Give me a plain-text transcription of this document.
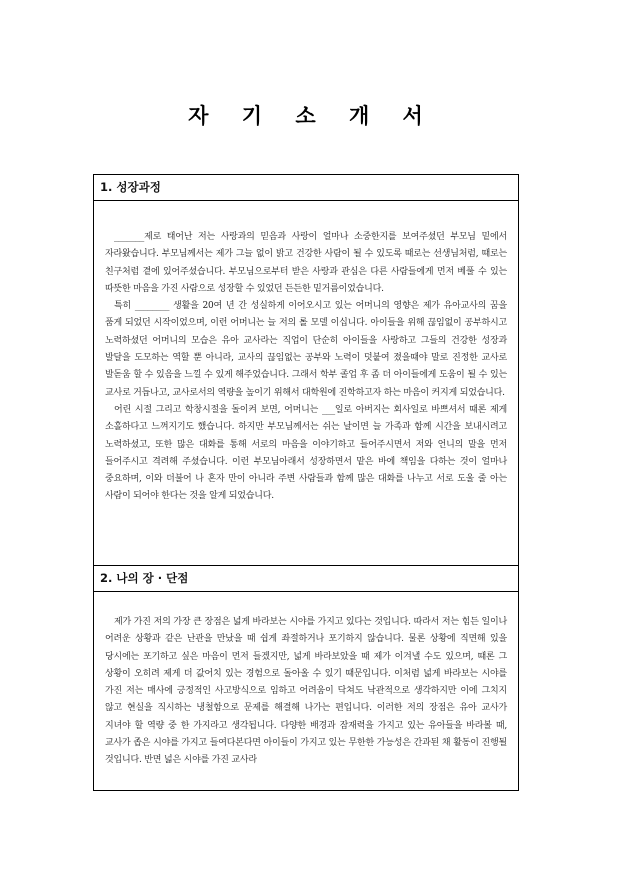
자 기 소 개 서
1. 성장과정

_______제로 태어난 저는 사랑과의 믿음과 사랑이 얼마나 소중한지를 보여주셨던 부모님 밑에서 자라왔습니다. 부모님께서는 제가 그늘 없이 밝고 건강한 사람이 될 수 있도록 때로는 선생님처럼, 때로는 친구처럼 곁에 있어주셨습니다. 부모님으로부터 받은 사랑과 관심은 다른 사람들에게 먼저 베풀 수 있는 따뜻한 마음을 가진 사람으로 성장할 수 있었던 든든한 밑거름이었습니다.

특히 ________ 생활을 20여 년 간 성실하게 이어오시고 있는 어머니의 영향은 제가 유아교사의 꿈을 품게 되었던 시작이었으며, 이런 어머니는 늘 저의 롤 모델 이십니다. 아이들을 위해 끊임없이 공부하시고 노력하셨던 어머니의 모습은 유아 교사라는 직업이 단순히 아이들을 사랑하고 그들의 건강한 성장과 발달을 도모하는 역할 뿐 아니라, 교사의 끊임없는 공부와 노력이 덧붙여 졌을때야 말로 진정한 교사로 발돋움 할 수 있음을 느낄 수 있게 해주었습니다. 그래서 학부 졸업 후 좀 더 아이들에게 도움이 될 수 있는 교사로 거듭나고, 교사로서의 역량을 높이기 위해서 대학원에 진학하고자 하는 마음이 커지게 되었습니다.

어린 시절 그리고 학창시절을 돌이켜 보면, 어머니는 ___일로 아버지는 회사일로 바쁘셔서 때론 제게 소홀하다고 느껴지기도 했습니다. 하지만 부모님께서는 쉬는 날이면 늘 가족과 함께 시간을 보내시려고 노력하셨고, 또한 많은 대화를 통해 서로의 마음을 이야기하고 들어주시면서 저와 언니의 말을 먼저 들어주시고 격려해 주셨습니다. 이런 부모님아래서 성장하면서 맡은 바에 책임을 다하는 것이 얼마나 중요하며, 이와 더불어 나 혼자 만이 아니라 주변 사람들과 함께 많은 대화를 나누고 서로 도울 줄 아는 사람이 되어야 한다는 것을 알게 되었습니다.

2. 나의 장 · 단점

제가 가진 저의 가장 큰 장점은 넓게 바라보는 시야를 가지고 있다는 것입니다. 따라서 저는 힘든 일이나 어려운 상황과 같은 난관을 만났을 때 쉽게 좌절하거나 포기하지 않습니다. 물론 상황에 직면해 있을 당시에는 포기하고 싶은 마음이 먼저 들겠지만, 넓게 바라보았을 때 제가 이겨낼 수도 있으며, 때론 그 상황이 오히려 제게 더 값어치 있는 경험으로 돌아올 수 있기 때문입니다. 이처럼 넓게 바라보는 시야를 가진 저는 매사에 긍정적인 사고방식으로 임하고 어려움이 닥쳐도 낙관적으로 생각하지만 이에 그치지 않고 현실을 직시하는 냉철함으로 문제를 해결해 나가는 편입니다. 이러한 저의 장점은 유아 교사가 지녀야 할 역량 중 한 가지라고 생각됩니다. 다양한 배경과 잠재력을 가지고 있는 유아들을 바라볼 때, 교사가 좁은 시야를 가지고 들여다본다면 아이들이 가지고 있는 무한한 가능성은 간과된 채 활동이 진행될 것입니다. 반면 넓은 시야를 가진 교사라
